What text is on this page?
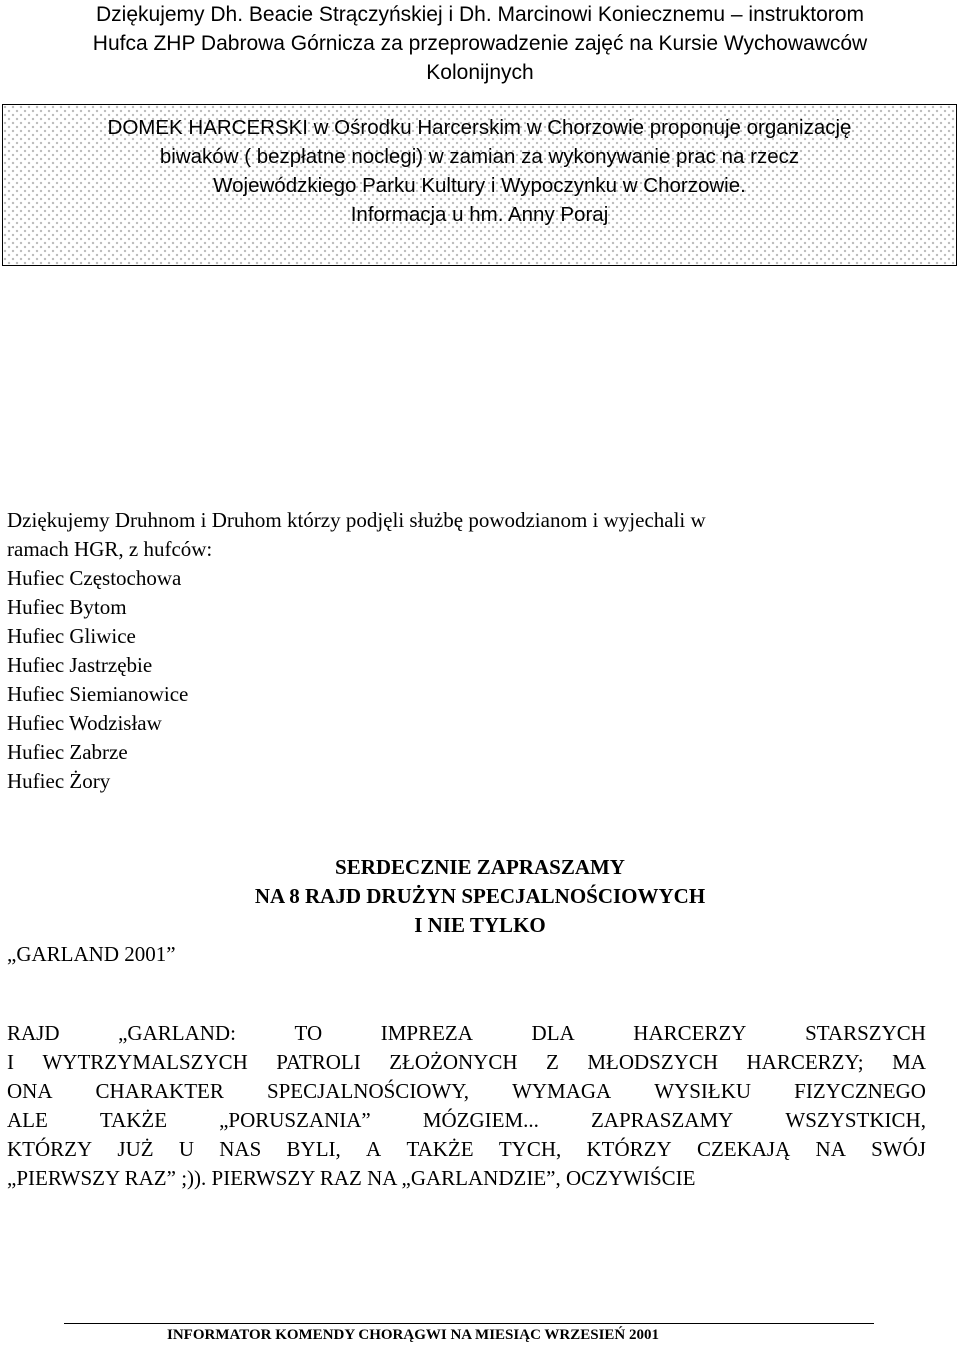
Dziękujemy Dh. Beacie Strączyńskiej i Dh. Marcinowi Koniecznemu – instruktorom
Hufca ZHP Dabrowa Górnicza za przeprowadzenie zajęć na Kursie Wychowawców
Kolonijnych
DOMEK HARCERSKI w Ośrodku Harcerskim w Chorzowie proponuje organizację
biwaków ( bezpłatne noclegi) w zamian za wykonywanie prac na rzecz
Wojewódzkiego Parku Kultury i Wypoczynku w Chorzowie.
Informacja u hm. Anny Poraj
Dziękujemy Druhnom i Druhom którzy podjęli służbę powodzianom i wyjechali w
ramach HGR, z hufców:
Hufiec Częstochowa
Hufiec Bytom
Hufiec Gliwice
Hufiec Jastrzębie
Hufiec Siemianowice
Hufiec Wodzisław
Hufiec Zabrze
Hufiec Żory
SERDECZNIE ZAPRASZAMY
NA 8 RAJD DRUŻYN SPECJALNOŚCIOWYCH
I NIE TYLKO
„GARLAND 2001”
RAJD	„GARLAND:	TO	IMPREZA	DLA	HARCERZY	STARSZYCH
I WYTRZYMALSZYCH PATROLI ZŁOŻONYCH Z MŁODSZYCH HARCERZY; MA
ONA CHARAKTER SPECJALNOŚCIOWY, WYMAGA WYSIŁKU FIZYCZNEGO
ALE TAKŻE „PORUSZANIA” MÓZGIEM... ZAPRASZAMY WSZYSTKICH,
KTÓRZY JUŻ U NAS BYLI, A TAKŻE TYCH, KTÓRZY CZEKAJĄ NA SWÓJ
„PIERWSZY RAZ” ;)). PIERWSZY RAZ NA „GARLANDZIE”, OCZYWIŚCIE
INFORMATOR KOMENDY CHORĄGWI NA MIESIĄC WRZESIEŃ 2001
